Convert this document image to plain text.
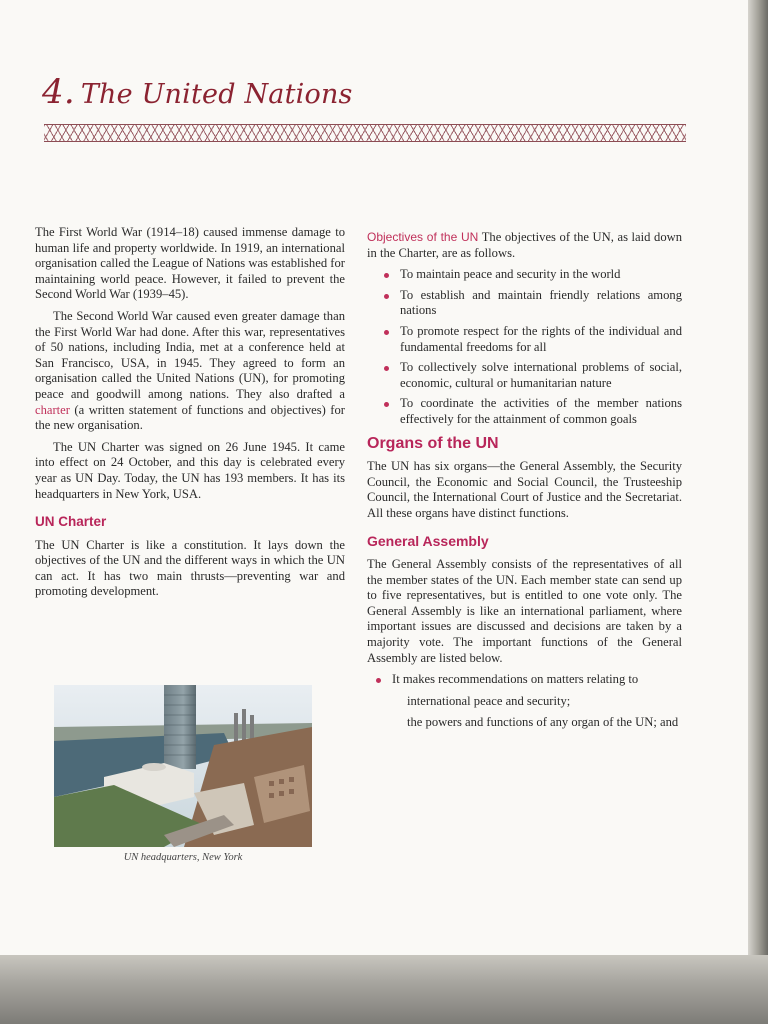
4. The United Nations

The First World War (1914–18) caused immense damage to human life and property worldwide. In 1919, an international organisation called the League of Nations was established for maintaining world peace. However, it failed to prevent the Second World War (1939–45).

The Second World War caused even greater damage than the First World War had done. After this war, representatives of 50 nations, including India, met at a conference held at San Francisco, USA, in 1945. They agreed to form an organisation called the United Nations (UN), for promoting peace and goodwill among nations. They also drafted a charter (a written statement of functions and objectives) for the new organisation.

The UN Charter was signed on 26 June 1945. It came into effect on 24 October, and this day is celebrated every year as UN Day. Today, the UN has 193 members. It has its headquarters in New York, USA.

UN Charter

The UN Charter is like a constitution. It lays down the objectives of the UN and the different ways in which the UN can act. It has two main thrusts—preventing war and promoting development.

UN headquarters, New York

Objectives of the UN The objectives of the UN, as laid down in the Charter, are as follows.

To maintain peace and security in the world
To establish and maintain friendly relations among nations
To promote respect for the rights of the individual and fundamental freedoms for all
To collectively solve international problems of social, economic, cultural or humanitarian nature
To coordinate the activities of the member nations effectively for the attainment of common goals
Organs of the UN

The UN has six organs—the General Assembly, the Security Council, the Economic and Social Council, the Trusteeship Council, the International Court of Justice and the Secretariat. All these organs have distinct functions.

General Assembly

The General Assembly consists of the representatives of all the member states of the UN. Each member state can send up to five representatives, but is entitled to one vote only. The General Assembly is like an international parliament, where important issues are discussed and decisions are taken by a majority vote. The important functions of the General Assembly are listed below.

It makes recommendations on matters relating to

international peace and security;

the powers and functions of any organ of the UN; and
